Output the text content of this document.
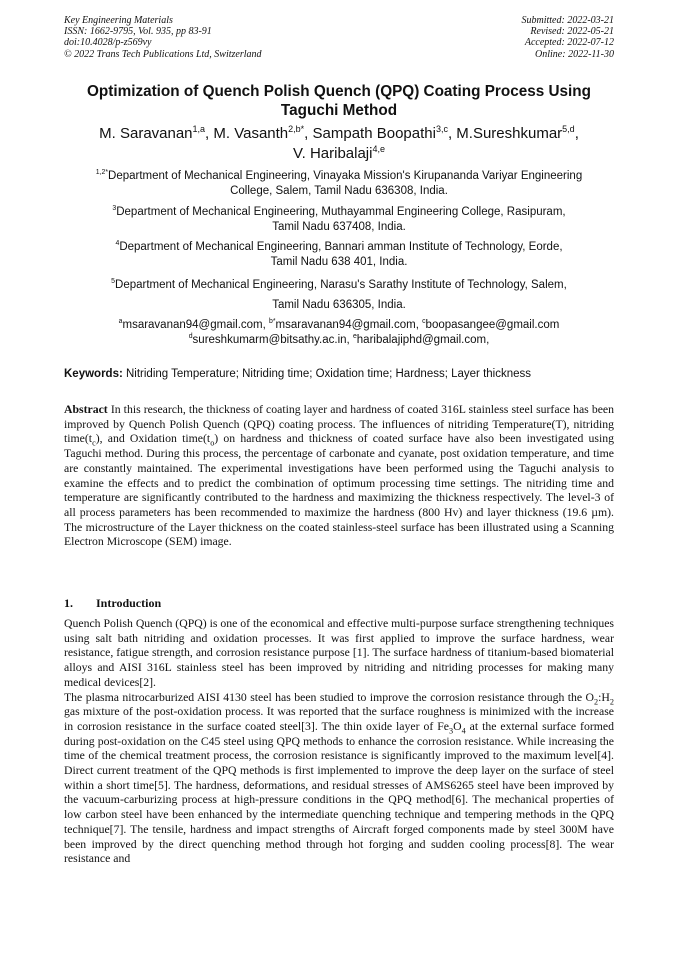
Key Engineering Materials
ISSN: 1662-9795, Vol. 935, pp 83-91
doi:10.4028/p-z569vy
© 2022 Trans Tech Publications Ltd, Switzerland
Submitted: 2022-03-21
Revised: 2022-05-21
Accepted: 2022-07-12
Online: 2022-11-30
Optimization of Quench Polish Quench (QPQ) Coating Process Using
Taguchi Method
M. Saravanan$^{1,a}$, M. Vasanth$^{2,b*}$, Sampath Boopathi$^{3,c}$, M.Sureshkumar$^{5,d}$,
V. Haribalaji$^{4,e}$
$^{1,2*}$Department of Mechanical Engineering, Vinayaka Mission's Kirupananda Variyar Engineering
College, Salem, Tamil Nadu 636308, India.
$^3$Department of Mechanical Engineering, Muthayammal Engineering College, Rasipuram,
Tamil Nadu 637408, India.
$^4$Department of Mechanical Engineering, Bannari amman Institute of Technology, Eorde,
Tamil Nadu 638 401, India.
$^5$Department of Mechanical Engineering, Narasu's Sarathy Institute of Technology, Salem,
Tamil Nadu 636305, India.
$^a$msaravanan94@gmail.com, $^{b*}$msaravanan94@gmail.com, $^c$boopasangee@gmail.com
$^d$sureshkumarm@bitsathy.ac.in, $^e$haribalajiphd@gmail.com,
Keywords: Nitriding Temperature; Nitriding time; Oxidation time; Hardness; Layer thickness
Abstract In this research, the thickness of coating layer and hardness of coated 316L stainless steel surface has been improved by Quench Polish Quench (QPQ) coating process. The influences of nitriding Temperature(T), nitriding $time(t_c)$, and Oxidation $time(t_o)$ on hardness and thickness of coated surface have also been investigated using Taguchi method. During this process, the percentage of carbonate and cyanate, post oxidation temperature, and time are constantly maintained. The experimental investigations have been performed using the Taguchi analysis to examine the effects and to predict the combination of optimum processing time settings. The nitriding time and temperature are significantly contributed to the hardness and maximizing the thickness respectively. The level-3 of all process parameters has been recommended to maximize the hardness (800 Hv) and layer thickness (19.6 µm). The microstructure of the Layer thickness on the coated stainless-steel surface has been illustrated using a Scanning Electron Microscope (SEM) image.
1. Introduction

Quench Polish Quench (QPQ) is one of the economical and effective multi-purpose surface strengthening techniques using salt bath nitriding and oxidation processes. It was first applied to improve the surface hardness, wear resistance, fatigue strength, and corrosion resistance purpose [1]. The surface hardness of titanium-based biomaterial alloys and AISI 316L stainless steel has been improved by nitriding and nitriding processes for making many medical devices[2].

The plasma nitrocarburized AISI 4130 steel has been studied to improve the corrosion resistance through the $O_2:H_2$ gas mixture of the post-oxidation process. It was reported that the surface roughness is minimized with the increase in corrosion resistance in the surface coated steel[3]. The thin oxide layer of $Fe_3O_4$ at the external surface formed during post-oxidation on the C45 steel using QPQ methods to enhance the corrosion resistance. While increasing the time of the chemical treatment process, the corrosion resistance is significantly improved to the maximum level[4]. Direct current treatment of the QPQ methods is first implemented to improve the deep layer on the surface of steel within a short time[5]. The hardness, deformations, and residual stresses of AMS6265 steel have been improved by the vacuum-carburizing process at high-pressure conditions in the QPQ method[6]. The mechanical properties of low carbon steel have been enhanced by the intermediate quenching technique and tempering methods in the QPQ technique[7]. The tensile, hardness and impact strengths of Aircraft forged components made by steel 300M have been improved by the direct quenching method through hot forging and sudden cooling process[8]. The wear resistance and
